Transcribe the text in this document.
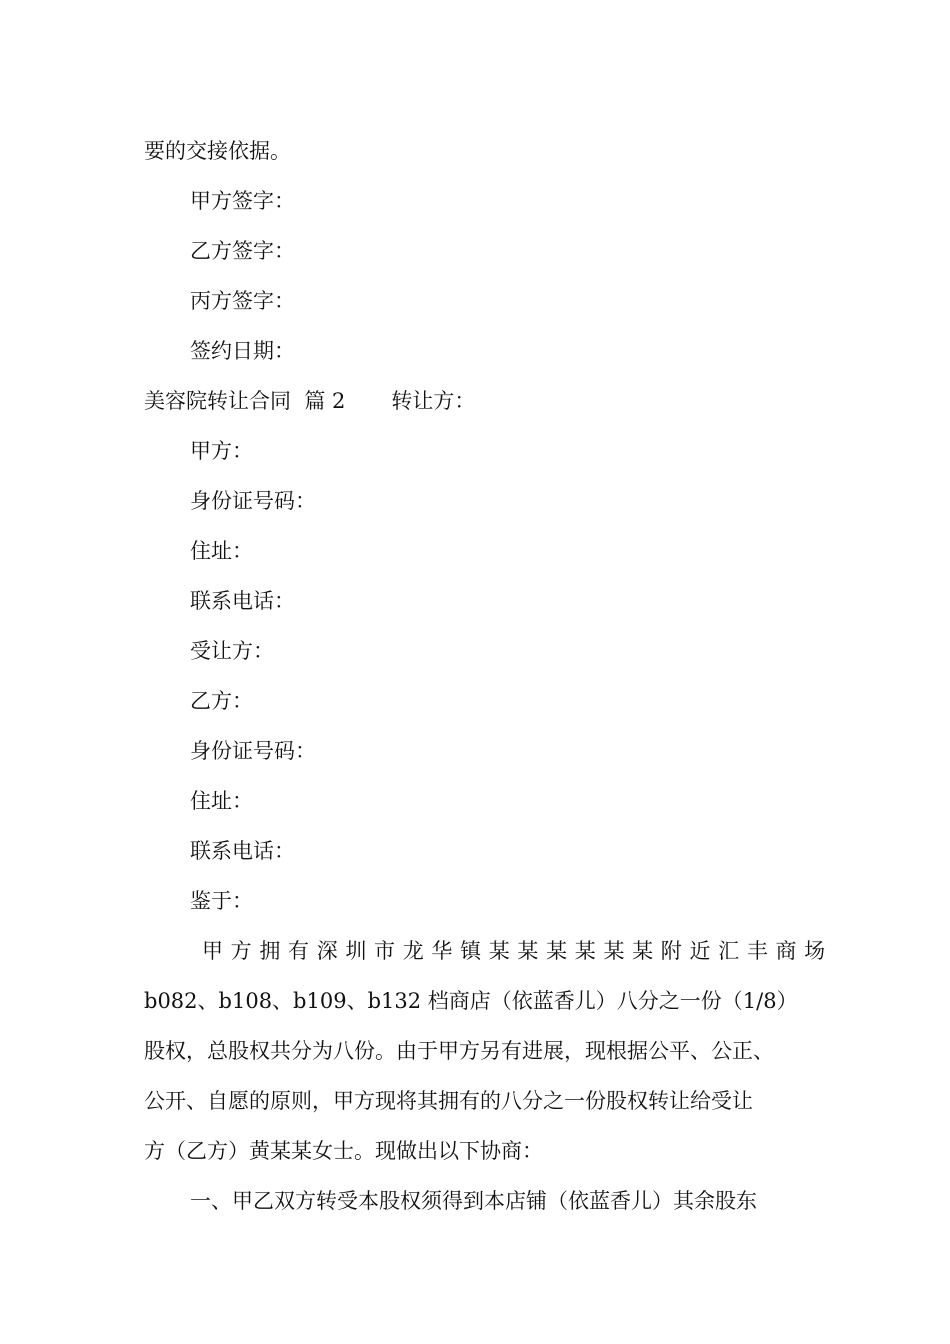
要的交接依据。
甲方签字：
乙方签字：
丙方签字：
签约日期：
美容院转让合同  篇 2 转让方：
甲方：
身份证号码：
住址：
联系电话：
受让方：
乙方：
身份证号码：
住址：
联系电话：
鉴于：
甲 方 拥 有 深 圳 市 龙 华 镇 某 某 某 某 某 某 附 近 汇 丰 商 场
b082、b108、b109、b132 档商店（依蓝香儿）八分之一份（1/8）
股权，总股权共分为八份。由于甲方另有进展，现根据公平、公正、
公开、自愿的原则，甲方现将其拥有的八分之一份股权转让给受让
方（乙方）黄某某女士。现做出以下协商：
一、甲乙双方转受本股权须得到本店铺（依蓝香儿）其余股东
